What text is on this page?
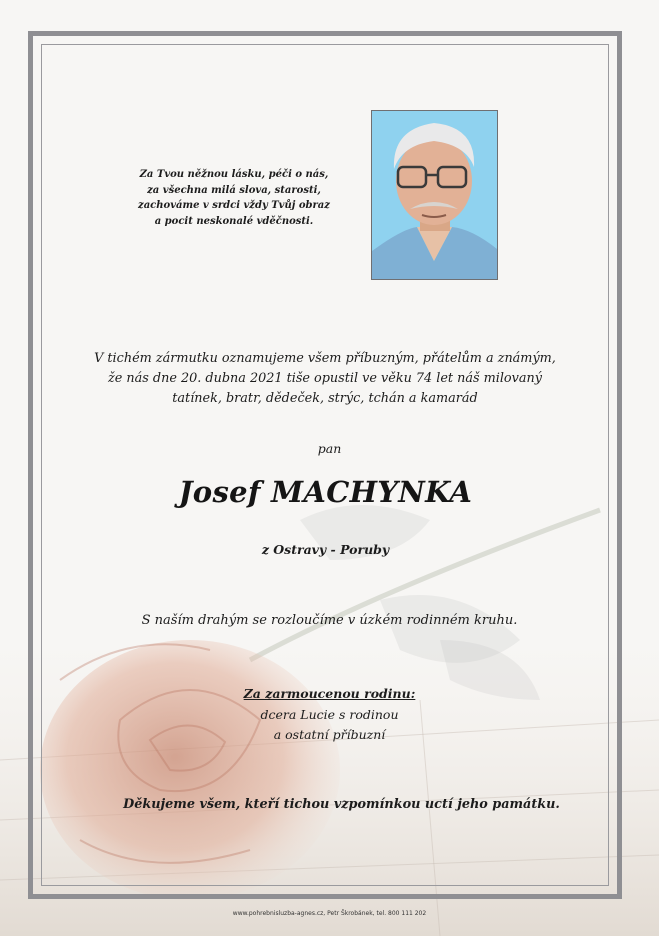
Za Tvou něžnou lásku, péči o nás,
za všechna milá slova, starosti,
zachováme v srdci vždy Tvůj obraz
a pocit neskonalé vděčnosti.
V tichém zármutku oznamujeme všem příbuzným, přátelům a známým,
že nás dne 20. dubna 2021 tiše opustil ve věku 74 let náš milovaný
tatínek, bratr, dědeček, strýc, tchán a kamarád
pan
Josef MACHYNKA
z Ostravy - Poruby
S naším drahým se rozloučíme v úzkém rodinném kruhu.
Za zarmoucenou rodinu:
dcera Lucie s rodinou
a ostatní příbuzní
Děkujeme všem, kteří tichou vzpomínkou uctí jeho památku.
www.pohrebnisluzba-agnes.cz, Petr Škrobánek, tel. 800 111 202
